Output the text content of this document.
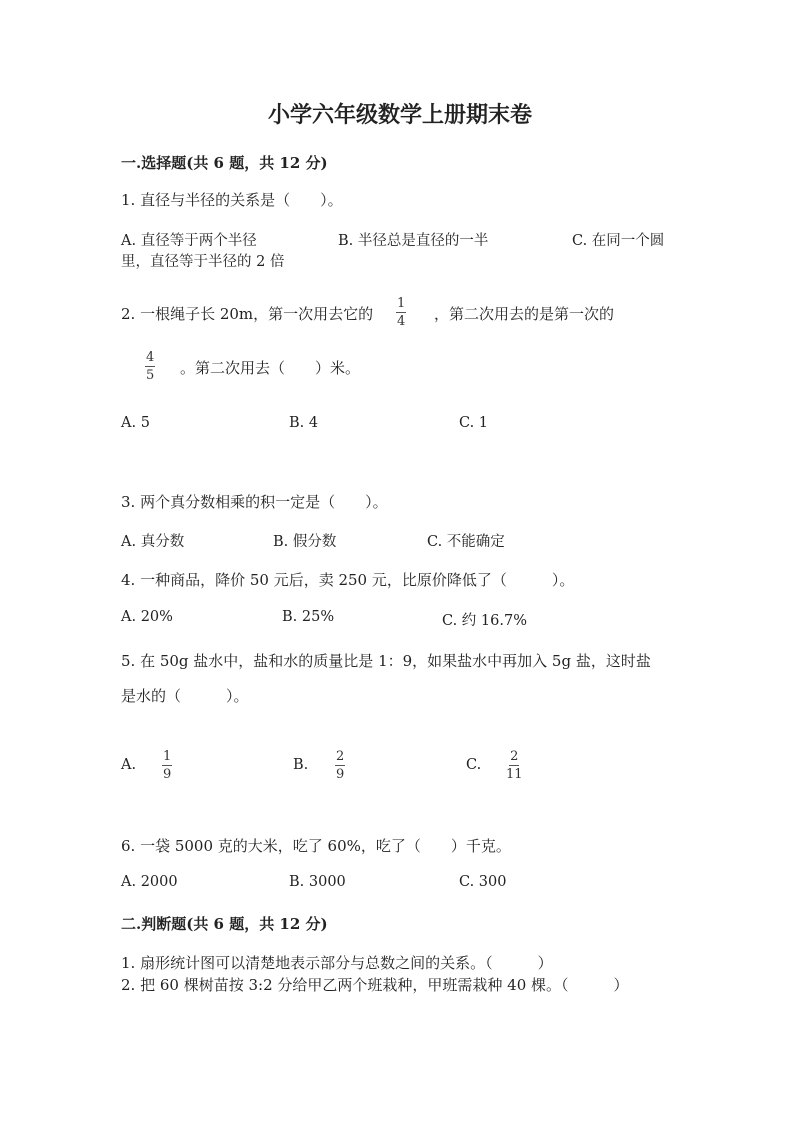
小学六年级数学上册期末卷
一.选择题(共 6 题，共 12 分)
1. 直径与半径的关系是（　　）。
A. 直径等于两个半径	B. 半径总是直径的一半	C. 在同一个圆
里，直径等于半径的 2 倍
2. 一根绳子长 20m，第一次用去它的 $\frac{1}{4}$ ，第二次用去的是第一次的
$\frac{4}{5}$ 。第二次用去（　　）米。
A. 5	B. 4	C. 1
3. 两个真分数相乘的积一定是（　　）。
A. 真分数	B. 假分数	C. 不能确定
4. 一种商品，降价 50 元后，卖 250 元，比原价降低了（　　　）。
A. 20%	B. 25%	C. 约 16.7%
5. 在 50g 盐水中，盐和水的质量比是 1：9，如果盐水中再加入 5g 盐，这时盐
是水的（　　　）。
A. $\frac{1}{9}$	B. $\frac{2}{9}$	C. $\frac{2}{11}$
6. 一袋 5000 克的大米，吃了 60%，吃了（　　）千克。
A. 2000	B. 3000	C. 300
二.判断题(共 6 题，共 12 分)
1. 扇形统计图可以清楚地表示部分与总数之间的关系。（　　　）
2. 把 60 棵树苗按 3:2 分给甲乙两个班栽种，甲班需栽种 40 棵。（　　　）
